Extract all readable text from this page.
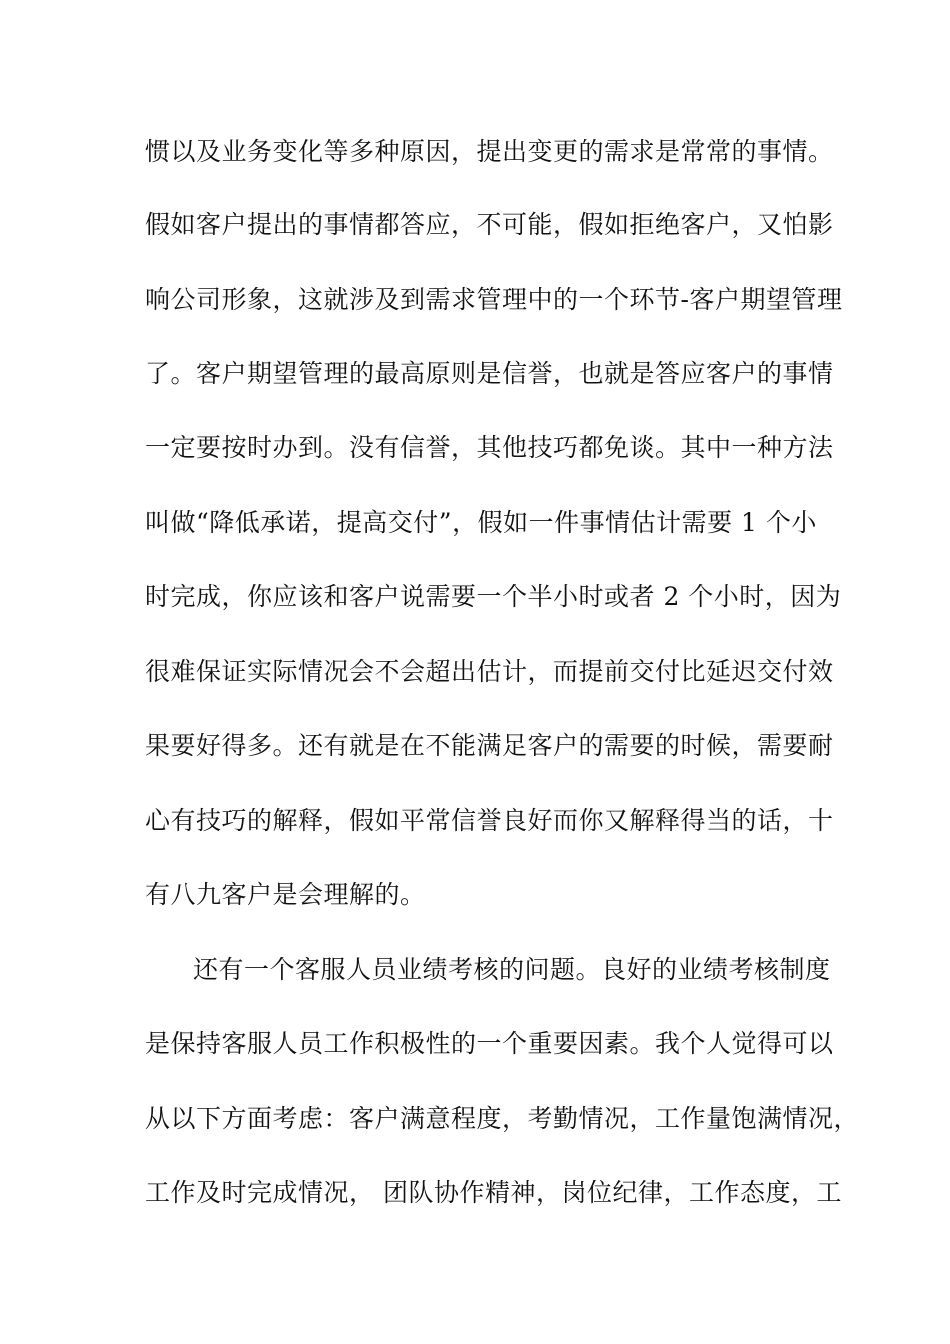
惯以及业务变化等多种原因，提出变更的需求是常常的事情。
假如客户提出的事情都答应，不可能，假如拒绝客户，又怕影
响公司形象，这就涉及到需求管理中的一个环节-客户期望管理
了。客户期望管理的最高原则是信誉，也就是答应客户的事情
一定要按时办到。没有信誉，其他技巧都免谈。其中一种方法
叫做“降低承诺，提高交付”，假如一件事情估计需要 1 个小
时完成，你应该和客户说需要一个半小时或者 2 个小时，因为
很难保证实际情况会不会超出估计，而提前交付比延迟交付效
果要好得多。还有就是在不能满足客户的需要的时候，需要耐
心有技巧的解释，假如平常信誉良好而你又解释得当的话，十
有八九客户是会理解的。
还有一个客服人员业绩考核的问题。良好的业绩考核制度
是保持客服人员工作积极性的一个重要因素。我个人觉得可以
从以下方面考虑：客户满意程度，考勤情况，工作量饱满情况，
工作及时完成情况， 团队协作精神，岗位纪律，工作态度，工
